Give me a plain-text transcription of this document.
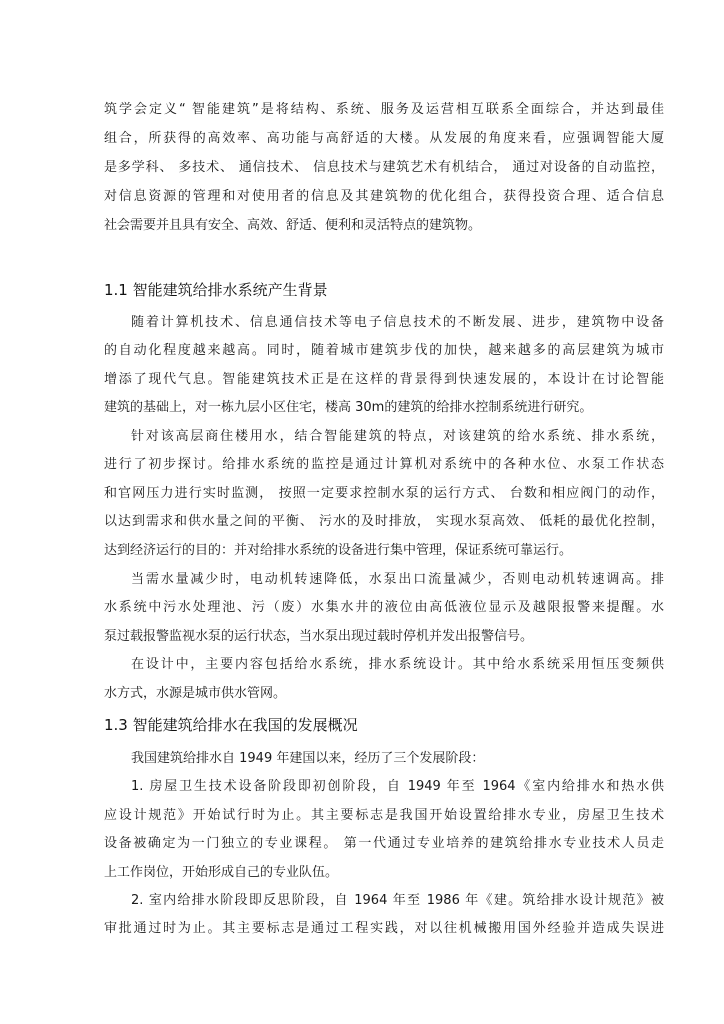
筑学会定义“ 智能建筑”是将结构、系统、服务及运营相互联系全面综合，并达到最佳
组合，所获得的高效率、高功能与高舒适的大楼。从发展的角度来看，应强调智能大厦
是多学科、 多技术、 通信技术、 信息技术与建筑艺术有机结合， 通过对设备的自动监控，
对信息资源的管理和对使用者的信息及其建筑物的优化组合，获得投资合理、适合信息
社会需要并且具有安全、高效、舒适、便利和灵活特点的建筑物。
1.1 智能建筑给排水系统产生背景
随着计算机技术、信息通信技术等电子信息技术的不断发展、进步，建筑物中设备
的自动化程度越来越高。同时，随着城市建筑步伐的加快，越来越多的高层建筑为城市
增添了现代气息。智能建筑技术正是在这样的背景得到快速发展的，本设计在讨论智能
建筑的基础上，对一栋九层小区住宅，楼高 30m的建筑的给排水控制系统进行研究。
针对该高层商住楼用水，结合智能建筑的特点，对该建筑的给水系统、排水系统，
进行了初步探讨。给排水系统的监控是通过计算机对系统中的各种水位、水泵工作状态
和官网压力进行实时监测， 按照一定要求控制水泵的运行方式、 台数和相应阀门的动作，
以达到需求和供水量之间的平衡、 污水的及时排放， 实现水泵高效、 低耗的最优化控制，
达到经济运行的目的：并对给排水系统的设备进行集中管理，保证系统可靠运行。
当需水量减少时，电动机转速降低，水泵出口流量减少，否则电动机转速调高。排
水系统中污水处理池、污（废）水集水井的液位由高低液位显示及越限报警来提醒。水
泵过载报警监视水泵的运行状态，当水泵出现过载时停机并发出报警信号。
在设计中，主要内容包括给水系统，排水系统设计。其中给水系统采用恒压变频供
水方式，水源是城市供水管网。
1.3 智能建筑给排水在我国的发展概况
我国建筑给排水自 1949 年建国以来，经历了三个发展阶段：
1. 房屋卫生技术设备阶段即初创阶段，自 1949 年至 1964《室内给排水和热水供
应设计规范》开始试行时为止。其主要标志是我国开始设置给排水专业，房屋卫生技术
设备被确定为一门独立的专业课程。 第一代通过专业培养的建筑给排水专业技术人员走
上工作岗位，开始形成自己的专业队伍。
2. 室内给排水阶段即反思阶段，自 1964 年至 1986 年《建。筑给排水设计规范》被
审批通过时为止。其主要标志是通过工程实践，对以往机械搬用国外经验并造成失误进
